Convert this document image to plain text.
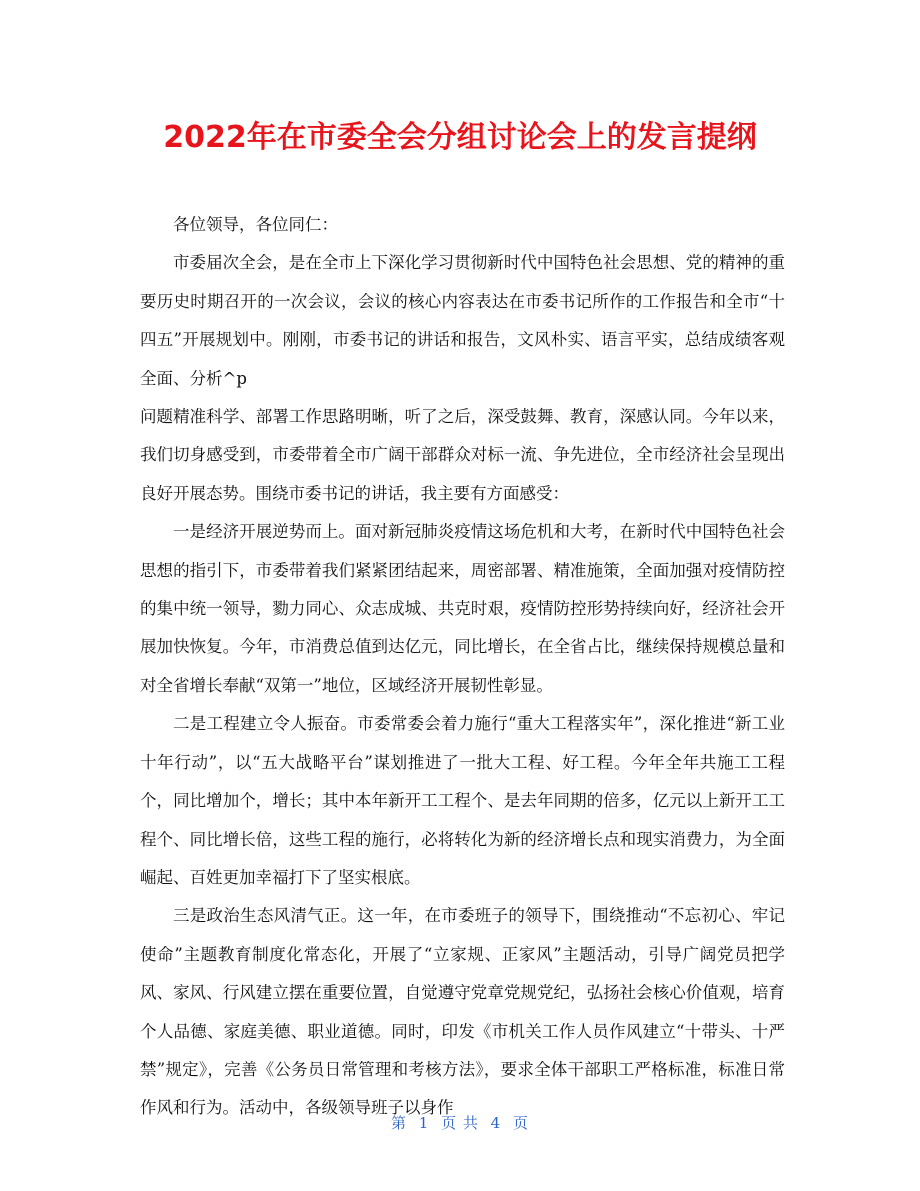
2022年在市委全会分组讨论会上的发言提纲

各位领导，各位同仁：

市委届次全会，是在全市上下深化学习贯彻新时代中国特色社会思想、党的精神的重要历史时期召开的一次会议，会议的核心内容表达在市委书记所作的工作报告和全市“十四五”开展规划中。刚刚，市委书记的讲话和报告，文风朴实、语言平实，总结成绩客观全面、分析^p

问题精准科学、部署工作思路明晰，听了之后，深受鼓舞、教育，深感认同。今年以来，我们切身感受到，市委带着全市广阔干部群众对标一流、争先进位，全市经济社会呈现出良好开展态势。围绕市委书记的讲话，我主要有方面感受：

一是经济开展逆势而上。面对新冠肺炎疫情这场危机和大考，在新时代中国特色社会思想的指引下，市委带着我们紧紧团结起来，周密部署、精准施策，全面加强对疫情防控的集中统一领导，勠力同心、众志成城、共克时艰，疫情防控形势持续向好，经济社会开展加快恢复。今年，市消费总值到达亿元，同比增长，在全省占比，继续保持规模总量和对全省增长奉献“双第一”地位，区域经济开展韧性彰显。

二是工程建立令人振奋。市委常委会着力施行“重大工程落实年”，深化推进“新工业十年行动”，以“五大战略平台”谋划推进了一批大工程、好工程。今年全年共施工工程个，同比增加个，增长；其中本年新开工工程个、是去年同期的倍多，亿元以上新开工工程个、同比增长倍，这些工程的施行，必将转化为新的经济增长点和现实消费力，为全面崛起、百姓更加幸福打下了坚实根底。

三是政治生态风清气正。这一年，在市委班子的领导下，围绕推动“不忘初心、牢记使命”主题教育制度化常态化，开展了“立家规、正家风”主题活动，引导广阔党员把学风、家风、行风建立摆在重要位置，自觉遵守党章党规党纪，弘扬社会核心价值观，培育个人品德、家庭美德、职业道德。同时，印发《市机关工作人员作风建立“十带头、十严禁”规定》，完善《公务员日常管理和考核方法》，要求全体干部职工严格标准，标准日常作风和行为。活动中，各级领导班子以身作

第 1 页 共 4 页
